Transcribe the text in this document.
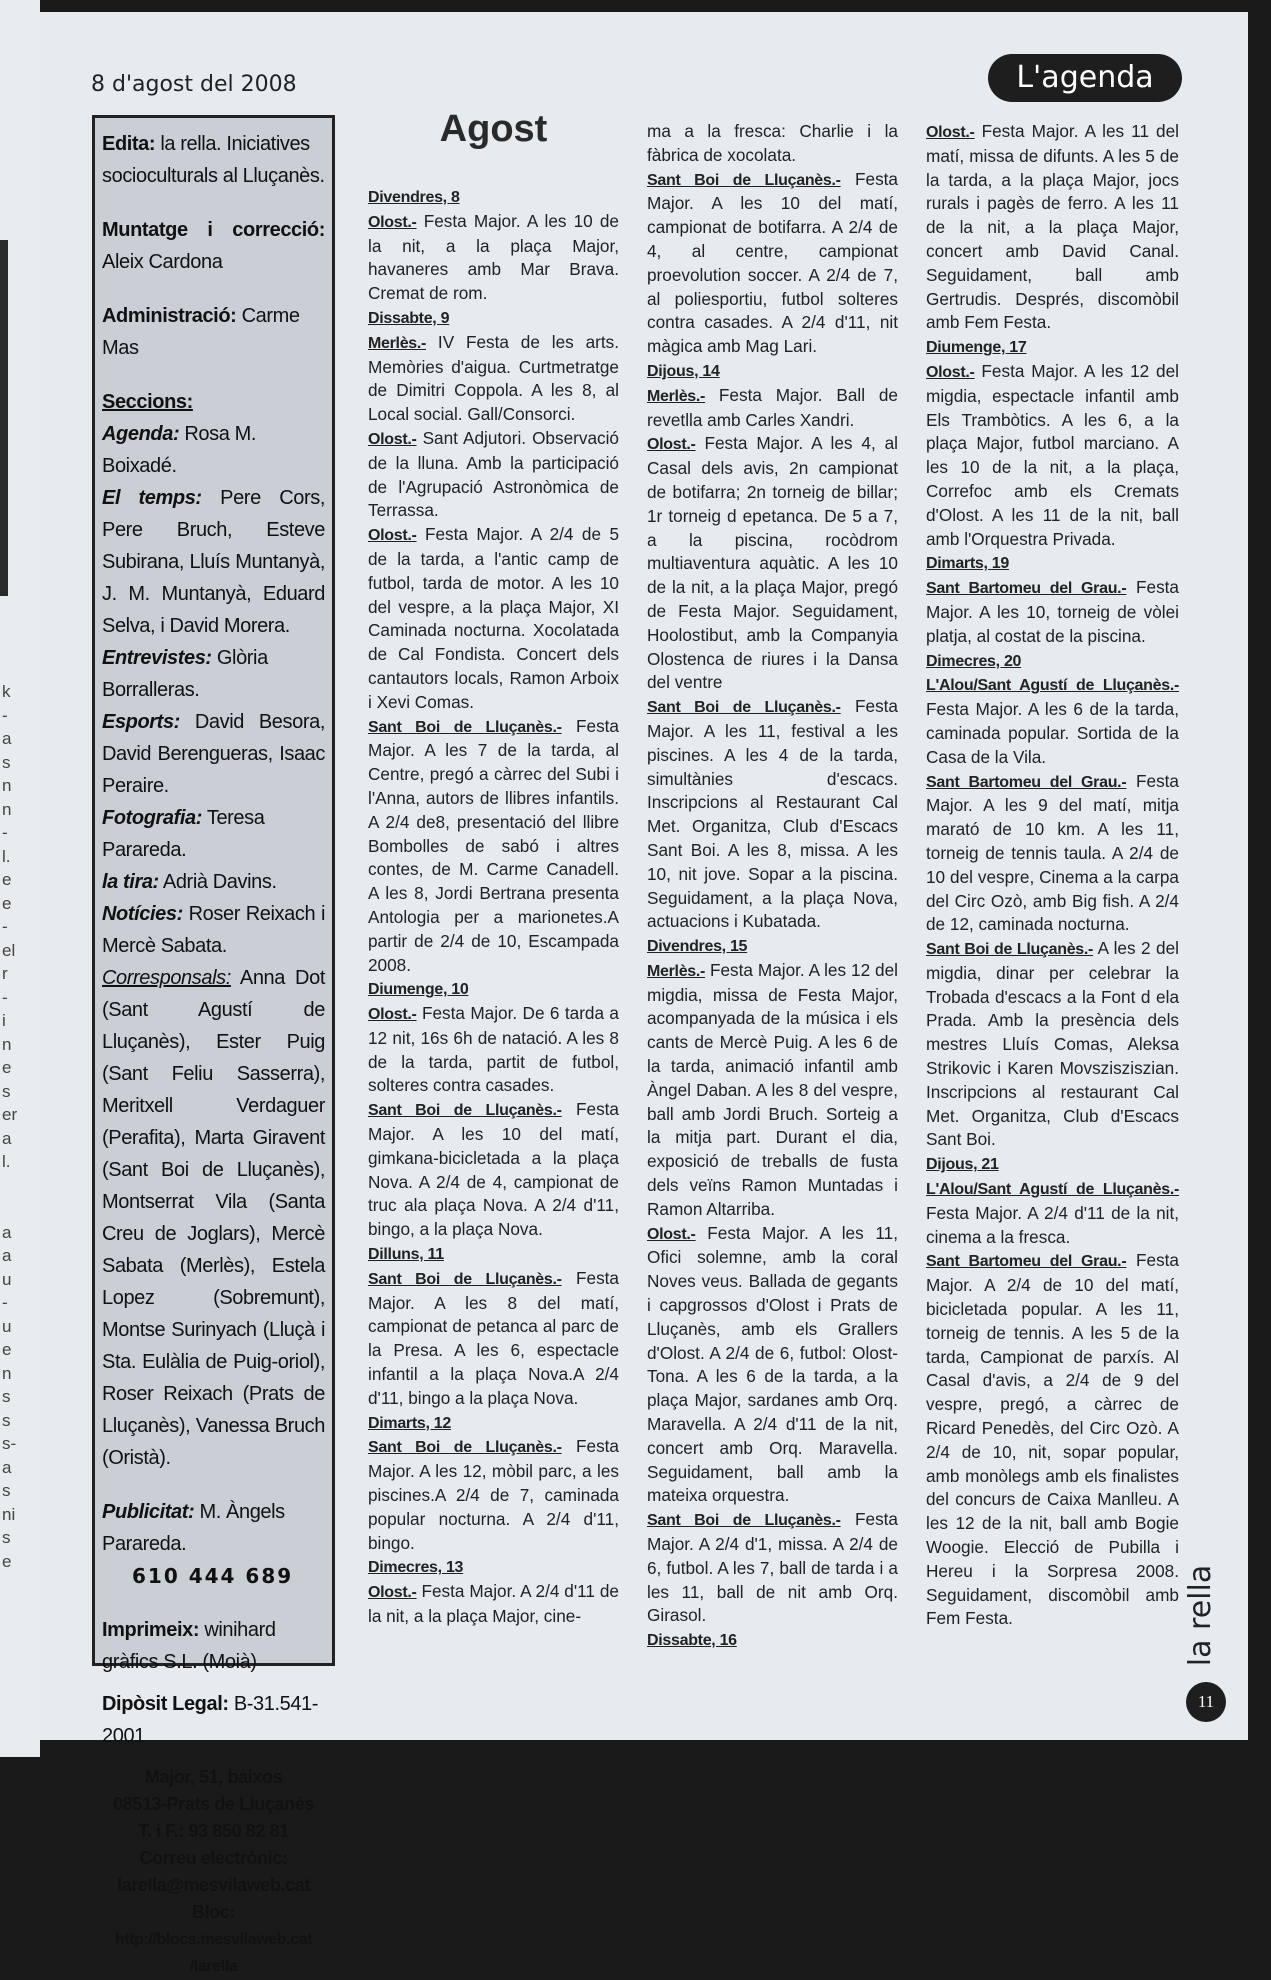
k
-
a
s
n
n
-
l.
e
e
-
el
r
-
i
n
e
s
er
a
l.
a
a
u
-
u
e
n
s
s
s-
a
s
ni
s
e
8 d'agost del 2008	L'agenda

Edita: la rella. Iniciatives socioculturals al Lluçanès.

Muntatge i correcció: Aleix Cardona

Administració: Carme Mas

Seccions:

Agenda: Rosa M. Boixadé.

El temps: Pere Cors, Pere Bruch, Esteve Subirana, Lluís Muntanyà, J. M. Muntanyà, Eduard Selva, i David Morera.

Entrevistes: Glòria Borralleras.

Esports: David Besora, David Berengueras, Isaac Peraire.

Fotografia: Teresa Parareda.

la tira: Adrià Davins.

Notícies: Roser Reixach i Mercè Sabata.

Corresponsals: Anna Dot (Sant Agustí de Lluçanès), Ester Puig (Sant Feliu Sasserra), Meritxell Verdaguer (Perafita), Marta Giravent (Sant Boi de Lluçanès), Montserrat Vila (Santa Creu de Joglars), Mercè Sabata (Merlès), Estela Lopez (Sobremunt), Montse Surinyach (Lluçà i Sta. Eulàlia de Puig-oriol), Roser Reixach (Prats de Lluçanès), Vanessa Bruch (Oristà).

Publicitat: M. Àngels Parareda.

610 444 689

Imprimeix: winihard gràfics S.L. (Moià)

Dipòsit Legal: B-31.541-2001

Major, 51, baixos

08513-Prats de Lluçanès

T. i F.: 93 850 82 81

Correu electrònic:

larella@mesvilaweb.cat

Bloc:

http://blocs.mesvilaweb.cat

/larella

Agost

Divendres, 8

Olost.- Festa Major. A les 10 de la nit, a la plaça Major, havaneres amb Mar Brava. Cremat de rom.

Dissabte, 9

Merlès.- IV Festa de les arts. Memòries d'aigua. Curtmetratge de Dimitri Coppola. A les 8, al Local social. Gall/Consorci.

Olost.- Sant Adjutori. Observació de la lluna. Amb la participació de l'Agrupació Astronòmica de Terrassa.

Olost.- Festa Major. A 2/4 de 5 de la tarda, a l'antic camp de futbol, tarda de motor. A les 10 del vespre, a la plaça Major, XI Caminada nocturna. Xocolatada de Cal Fondista. Concert dels cantautors locals, Ramon Arboix i Xevi Comas.

Sant Boi de Lluçanès.- Festa Major. A les 7 de la tarda, al Centre, pregó a càrrec del Subi i l'Anna, autors de llibres infantils. A 2/4 de8, presentació del llibre Bombolles de sabó i altres contes, de M. Carme Canadell. A les 8, Jordi Bertrana presenta Antologia per a marionetes.A partir de 2/4 de 10, Escampada 2008.

Diumenge, 10

Olost.- Festa Major. De 6 tarda a 12 nit, 16s 6h de natació. A les 8 de la tarda, partit de futbol, solteres contra casades.

Sant Boi de Lluçanès.- Festa Major. A les 10 del matí, gimkana-bicicletada a la plaça Nova. A 2/4 de 4, campionat de truc ala plaça Nova. A 2/4 d'11, bingo, a la plaça Nova.

Dilluns, 11

Sant Boi de Lluçanès.- Festa Major. A les 8 del matí, campionat de petanca al parc de la Presa. A les 6, espectacle infantil a la plaça Nova.A 2/4 d'11, bingo a la plaça Nova.

Dimarts, 12

Sant Boi de Lluçanès.- Festa Major. A les 12, mòbil parc, a les piscines.A 2/4 de 7, caminada popular nocturna. A 2/4 d'11, bingo.

Dimecres, 13

Olost.- Festa Major. A 2/4 d'11 de la nit, a la plaça Major, cine-

ma a la fresca: Charlie i la fàbrica de xocolata.

Sant Boi de Lluçanès.- Festa Major. A les 10 del matí, campionat de botifarra. A 2/4 de 4, al centre, campionat proevolution soccer. A 2/4 de 7, al poliesportiu, futbol solteres contra casades. A 2/4 d'11, nit màgica amb Mag Lari.

Dijous, 14

Merlès.- Festa Major. Ball de revetlla amb Carles Xandri.

Olost.- Festa Major. A les 4, al Casal dels avis, 2n campionat de botifarra; 2n torneig de billar; 1r torneig d epetanca. De 5 a 7, a la piscina, rocòdrom multiaventura aquàtic. A les 10 de la nit, a la plaça Major, pregó de Festa Major. Seguidament, Hoolostibut, amb la Companyia Olostenca de riures i la Dansa del ventre

Sant Boi de Lluçanès.- Festa Major. A les 11, festival a les piscines. A les 4 de la tarda, simultànies d'escacs. Inscripcions al Restaurant Cal Met. Organitza, Club d'Escacs Sant Boi. A les 8, missa. A les 10, nit jove. Sopar a la piscina. Seguidament, a la plaça Nova, actuacions i Kubatada.

Divendres, 15

Merlès.- Festa Major. A les 12 del migdia, missa de Festa Major, acompanyada de la música i els cants de Mercè Puig. A les 6 de la tarda, animació infantil amb Àngel Daban. A les 8 del vespre, ball amb Jordi Bruch. Sorteig a la mitja part. Durant el dia, exposició de treballs de fusta dels veïns Ramon Muntadas i Ramon Altarriba.

Olost.- Festa Major. A les 11, Ofici solemne, amb la coral Noves veus. Ballada de gegants i capgrossos d'Olost i Prats de Lluçanès, amb els Grallers d'Olost. A 2/4 de 6, futbol: Olost-Tona. A les 6 de la tarda, a la plaça Major, sardanes amb Orq. Maravella. A 2/4 d'11 de la nit, concert amb Orq. Maravella. Seguidament, ball amb la mateixa orquestra.

Sant Boi de Lluçanès.- Festa Major. A 2/4 d'1, missa. A 2/4 de 6, futbol. A les 7, ball de tarda i a les 11, ball de nit amb Orq. Girasol.

Dissabte, 16

Olost.- Festa Major. A les 11 del matí, missa de difunts. A les 5 de la tarda, a la plaça Major, jocs rurals i pagès de ferro. A les 11 de la nit, a la plaça Major, concert amb David Canal. Seguidament, ball amb Gertrudis. Després, discomòbil amb Fem Festa.

Diumenge, 17

Olost.- Festa Major. A les 12 del migdia, espectacle infantil amb Els Trambòtics. A les 6, a la plaça Major, futbol marciano. A les 10 de la nit, a la plaça, Correfoc amb els Cremats d'Olost. A les 11 de la nit, ball amb l'Orquestra Privada.

Dimarts, 19

Sant Bartomeu del Grau.- Festa Major. A les 10, torneig de vòlei platja, al costat de la piscina.

Dimecres, 20

L'Alou/Sant Agustí de Lluçanès.- Festa Major. A les 6 de la tarda, caminada popular. Sortida de la Casa de la Vila.

Sant Bartomeu del Grau.- Festa Major. A les 9 del matí, mitja marató de 10 km. A les 11, torneig de tennis taula. A 2/4 de 10 del vespre, Cinema a la carpa del Circ Ozò, amb Big fish. A 2/4 de 12, caminada nocturna.

Sant Boi de Lluçanès.- A les 2 del migdia, dinar per celebrar la Trobada d'escacs a la Font d ela Prada. Amb la presència dels mestres Lluís Comas, Aleksa Strikovic i Karen Movszisziszian. Inscripcions al restaurant Cal Met. Organitza, Club d'Escacs Sant Boi.

Dijous, 21

L'Alou/Sant Agustí de Lluçanès.- Festa Major. A 2/4 d'11 de la nit, cinema a la fresca.

Sant Bartomeu del Grau.- Festa Major. A 2/4 de 10 del matí, bicicletada popular. A les 11, torneig de tennis. A les 5 de la tarda, Campionat de parxís. Al Casal d'avis, a 2/4 de 9 del vespre, pregó, a càrrec de Ricard Penedès, del Circ Ozò. A 2/4 de 10, nit, sopar popular, amb monòlegs amb els finalistes del concurs de Caixa Manlleu. A les 12 de la nit, ball amb Bogie Woogie. Elecció de Pubilla i Hereu i la Sorpresa 2008. Seguidament, discomòbil amb Fem Festa.	la rella
11
